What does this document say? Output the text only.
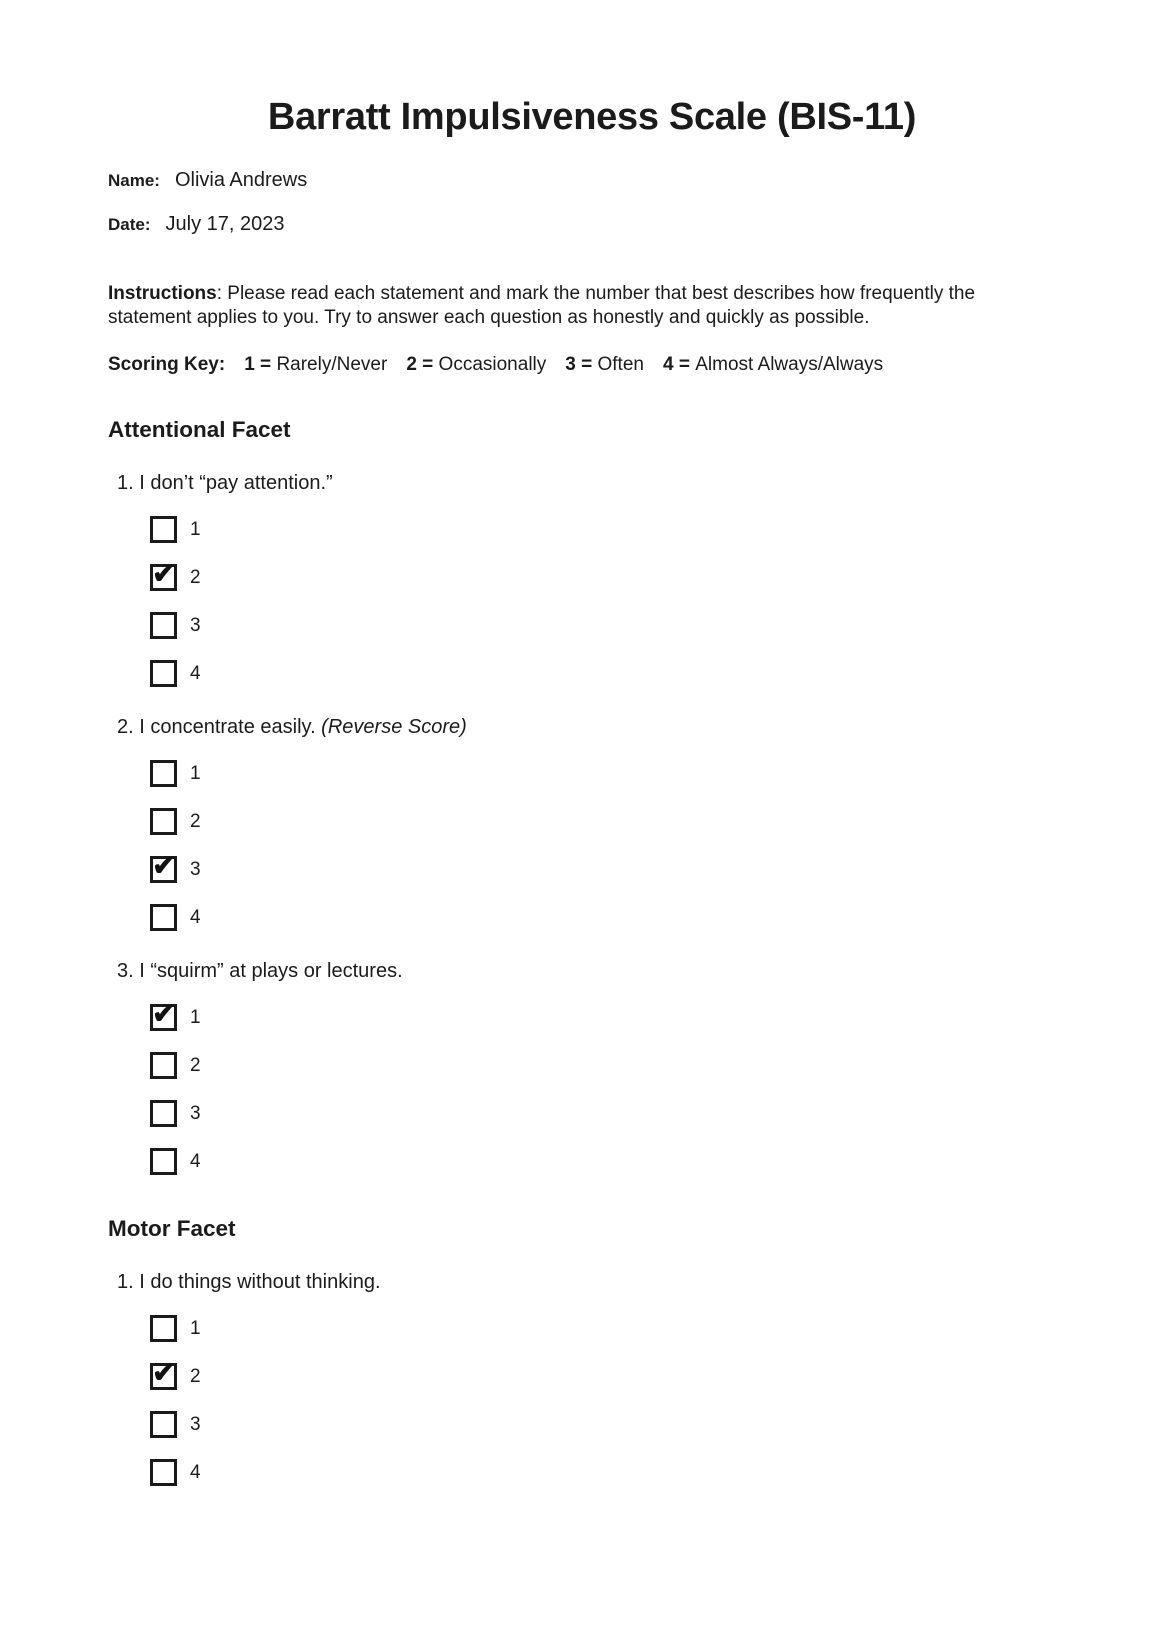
Barratt Impulsiveness Scale (BIS-11)
Name: Olivia Andrews
Date: July 17, 2023

Instructions: Please read each statement and mark the number that best describes how frequently the statement applies to you. Try to answer each question as honestly and quickly as possible.

Scoring Key: 1 = Rarely/Never 2 = Occasionally 3 = Often 4 = Almost Always/Always
Attentional Facet
1. I don’t “pay attention.”
1
✔ 2
3
4
2. I concentrate easily. (Reverse Score)
1
2
✔ 3
4
3. I “squirm” at plays or lectures.
✔ 1
2
3
4
Motor Facet
1. I do things without thinking.
1
✔ 2
3
4
